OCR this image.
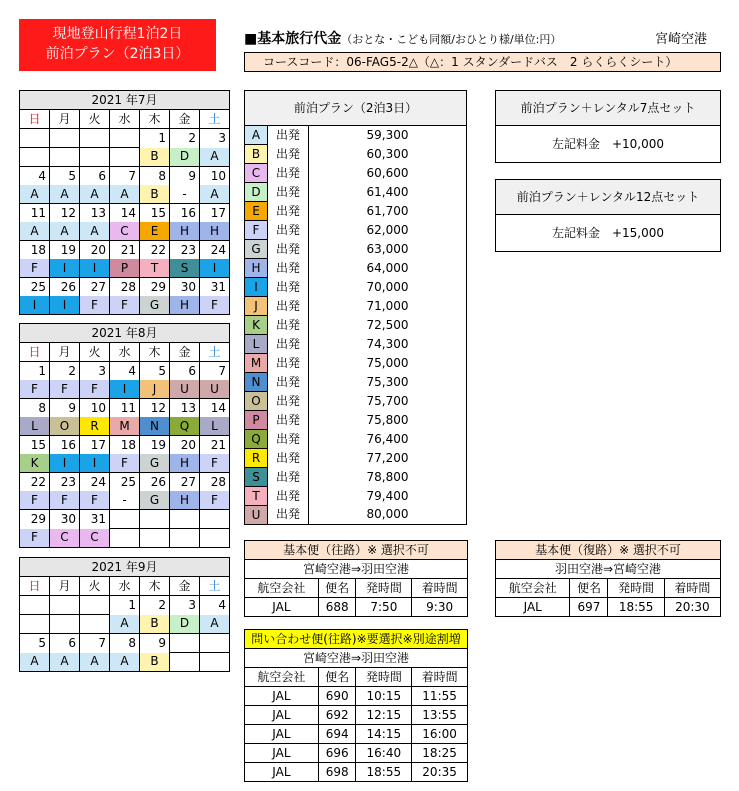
現地登山行程1泊2日
前泊プラン（2泊3日）
■基本旅行代金（おとな・こども同額/おひとり様/単位:円）	宮崎空港
コースコード：06-FAG5-2△（△：1 スタンダードバス　2 らくらくシート）
2021 年7月						
日	月	火	水	木	金	土
				1	2	3
				B	D	A
4	5	6	7	8	9	10
A	A	A	A	B	-	A
11	12	13	14	15	16	17
A	A	A	C	E	H	H
18	19	20	21	22	23	24
F	I	I	P	T	S	I
25	26	27	28	29	30	31
I	I	F	F	G	H	F
2021 年8月						
日	月	火	水	木	金	土
1	2	3	4	5	6	7
F	F	F	I	J	U	U
8	9	10	11	12	13	14
L	O	R	M	N	Q	L
15	16	17	18	19	20	21
K	I	I	F	G	H	F
22	23	24	25	26	27	28
F	F	F	-	G	H	F
29	30	31				
F	C	C				
2021 年9月						
日	月	火	水	木	金	土
			1	2	3	4
			A	B	D	A
5	6	7	8	9		
A	A	A	A	B		
前泊プラン（2泊3日）		
A	出発	59,300
B	出発	60,300
C	出発	60,600
D	出発	61,400
E	出発	61,700
F	出発	62,000
G	出発	63,000
H	出発	64,000
I	出発	70,000
J	出発	71,000
K	出発	72,500
L	出発	74,300
M	出発	75,000
N	出発	75,300
O	出発	75,700
P	出発	75,800
Q	出発	76,400
R	出発	77,200
S	出発	78,800
T	出発	79,400
U	出発	80,000
前泊プラン＋レンタル7点セット
左記料金　+10,000
前泊プラン＋レンタル12点セット
左記料金　+15,000
基本便（往路）※ 選択不可			
宮崎空港⇒羽田空港			
航空会社	便名	発時間	着時間
JAL	688	7:50	9:30
基本便（復路）※ 選択不可			
羽田空港⇒宮崎空港			
航空会社	便名	発時間	着時間
JAL	697	18:55	20:30
問い合わせ便(往路)※要選択※別途割増			
宮崎空港⇒羽田空港			
航空会社	便名	発時間	着時間
JAL	690	10:15	11:55
JAL	692	12:15	13:55
JAL	694	14:15	16:00
JAL	696	16:40	18:25
JAL	698	18:55	20:35
